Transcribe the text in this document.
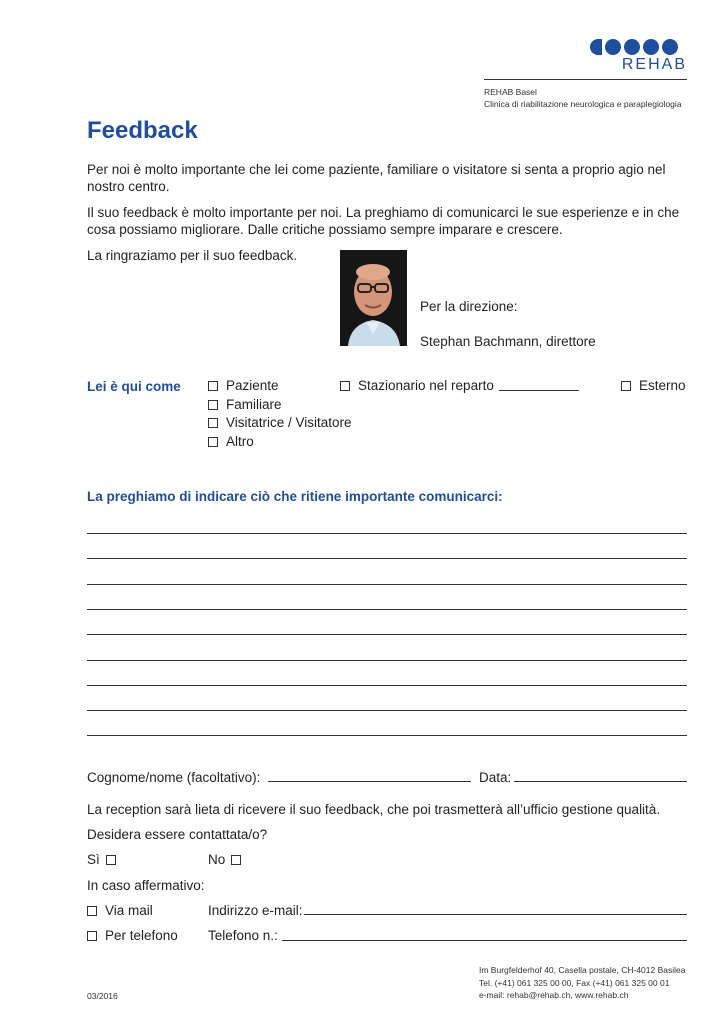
REHAB
REHAB Basel
Clinica di riabilitazione neurologica e paraplegiologia
Feedback
Per noi è molto importante che lei come paziente, familiare o visitatore si senta a proprio agio nel
nostro centro.
Il suo feedback è molto importante per noi. La preghiamo di comunicarci le sue esperienze e in che
cosa possiamo migliorare. Dalle critiche possiamo sempre imparare e crescere.
La ringraziamo per il suo feedback.
Per la direzione:
Stephan Bachmann, direttore
Lei è qui come	Paziente
Familiare
Visitatrice / Visitatore
Altro
Stazionario nel reparto	Esterno
La preghiamo di indicare ciò che ritiene importante comunicarci:
Cognome/nome (facoltativo):	Data:
La reception sarà lieta di ricevere il suo feedback, che poi trasmetterà all’ufficio gestione qualità.
Desidera essere contattata/o?
Sì	No
In caso affermativo:
Via mail	Indirizzo e-mail:
Per telefono Telefono n.:
03/2016
Im Burgfelderhof 40, Casella postale, CH-4012 Basilea
Tel. (+41) 061 325 00 00, Fax (+41) 061 325 00 01
e-mail: rehab@rehab.ch, www.rehab.ch
